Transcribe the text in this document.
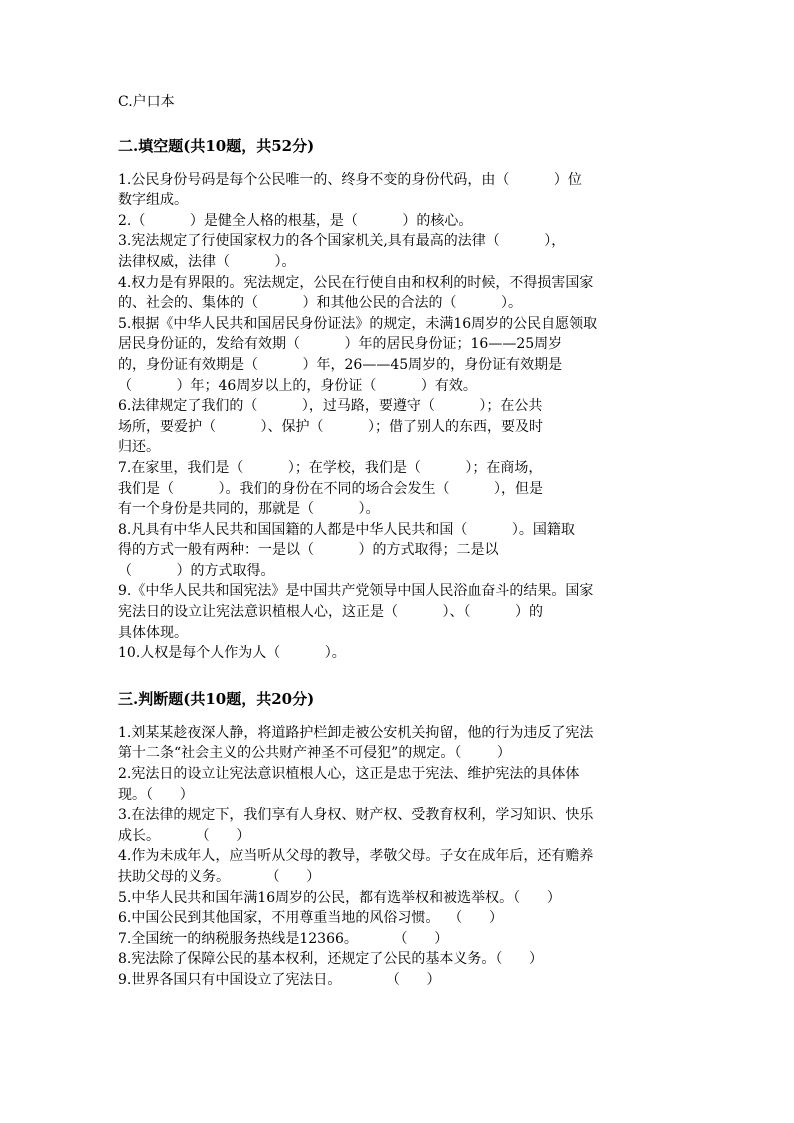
C.户口本
二.填空题(共10题，共52分)
1.公民身份号码是每个公民唯一的、终身不变的身份代码，由（          ）位
数字组成。
2.（          ）是健全人格的根基，是（          ）的核心。
3.宪法规定了行使国家权力的各个国家机关,具有最高的法律（          ），
法律权威，法律（          ）。
4.权力是有界限的。宪法规定，公民在行使自由和权利的时候，不得损害国家
的、社会的、集体的（          ）和其他公民的合法的（          ）。
5.根据《中华人民共和国居民身份证法》的规定，未满16周岁的公民自愿领取
居民身份证的，发给有效期（          ）年的居民身份证；16——25周岁
的，身份证有效期是（          ）年，26——45周岁的，身份证有效期是
（          ）年；46周岁以上的，身份证（          ）有效。
6.法律规定了我们的（          ），过马路，要遵守（          ）；在公共
场所，要爱护（          ）、保护（          ）；借了别人的东西，要及时
归还。
7.在家里，我们是（          ）；在学校，我们是（          ）；在商场，
我们是（          ）。我们的身份在不同的场合会发生（          ），但是
有一个身份是共同的，那就是（          ）。
8.凡具有中华人民共和国国籍的人都是中华人民共和国（          ）。国籍取
得的方式一般有两种：一是以（          ）的方式取得；二是以
（          ）的方式取得。
9.《中华人民共和国宪法》是中国共产党领导中国人民浴血奋斗的结果。国家
宪法日的设立让宪法意识植根人心，这正是（          ）、（          ）的
具体体现。
10.人权是每个人作为人（          ）。
三.判断题(共10题，共20分)
1.刘某某趁夜深人静，将道路护栏卸走被公安机关拘留，他的行为违反了宪法
第十二条“社会主义的公共财产神圣不可侵犯”的规定。（        ）
2.宪法日的设立让宪法意识植根人心，这正是忠于宪法、维护宪法的具体体
现。（      ）
3.在法律的规定下，我们享有人身权、财产权、受教育权利，学习知识、快乐
成长。        （      ）
4.作为未成年人，应当听从父母的教导，孝敬父母。子女在成年后，还有赡养
扶助父母的义务。        （      ）
5.中华人民共和国年满16周岁的公民，都有选举权和被选举权。（      ）
6.中国公民到其他国家，不用尊重当地的风俗习惯。  （      ）
7.全国统一的纳税服务热线是12366。        （      ）
8.宪法除了保障公民的基本权利，还规定了公民的基本义务。（      ）
9.世界各国只有中国设立了宪法日。          （      ）
